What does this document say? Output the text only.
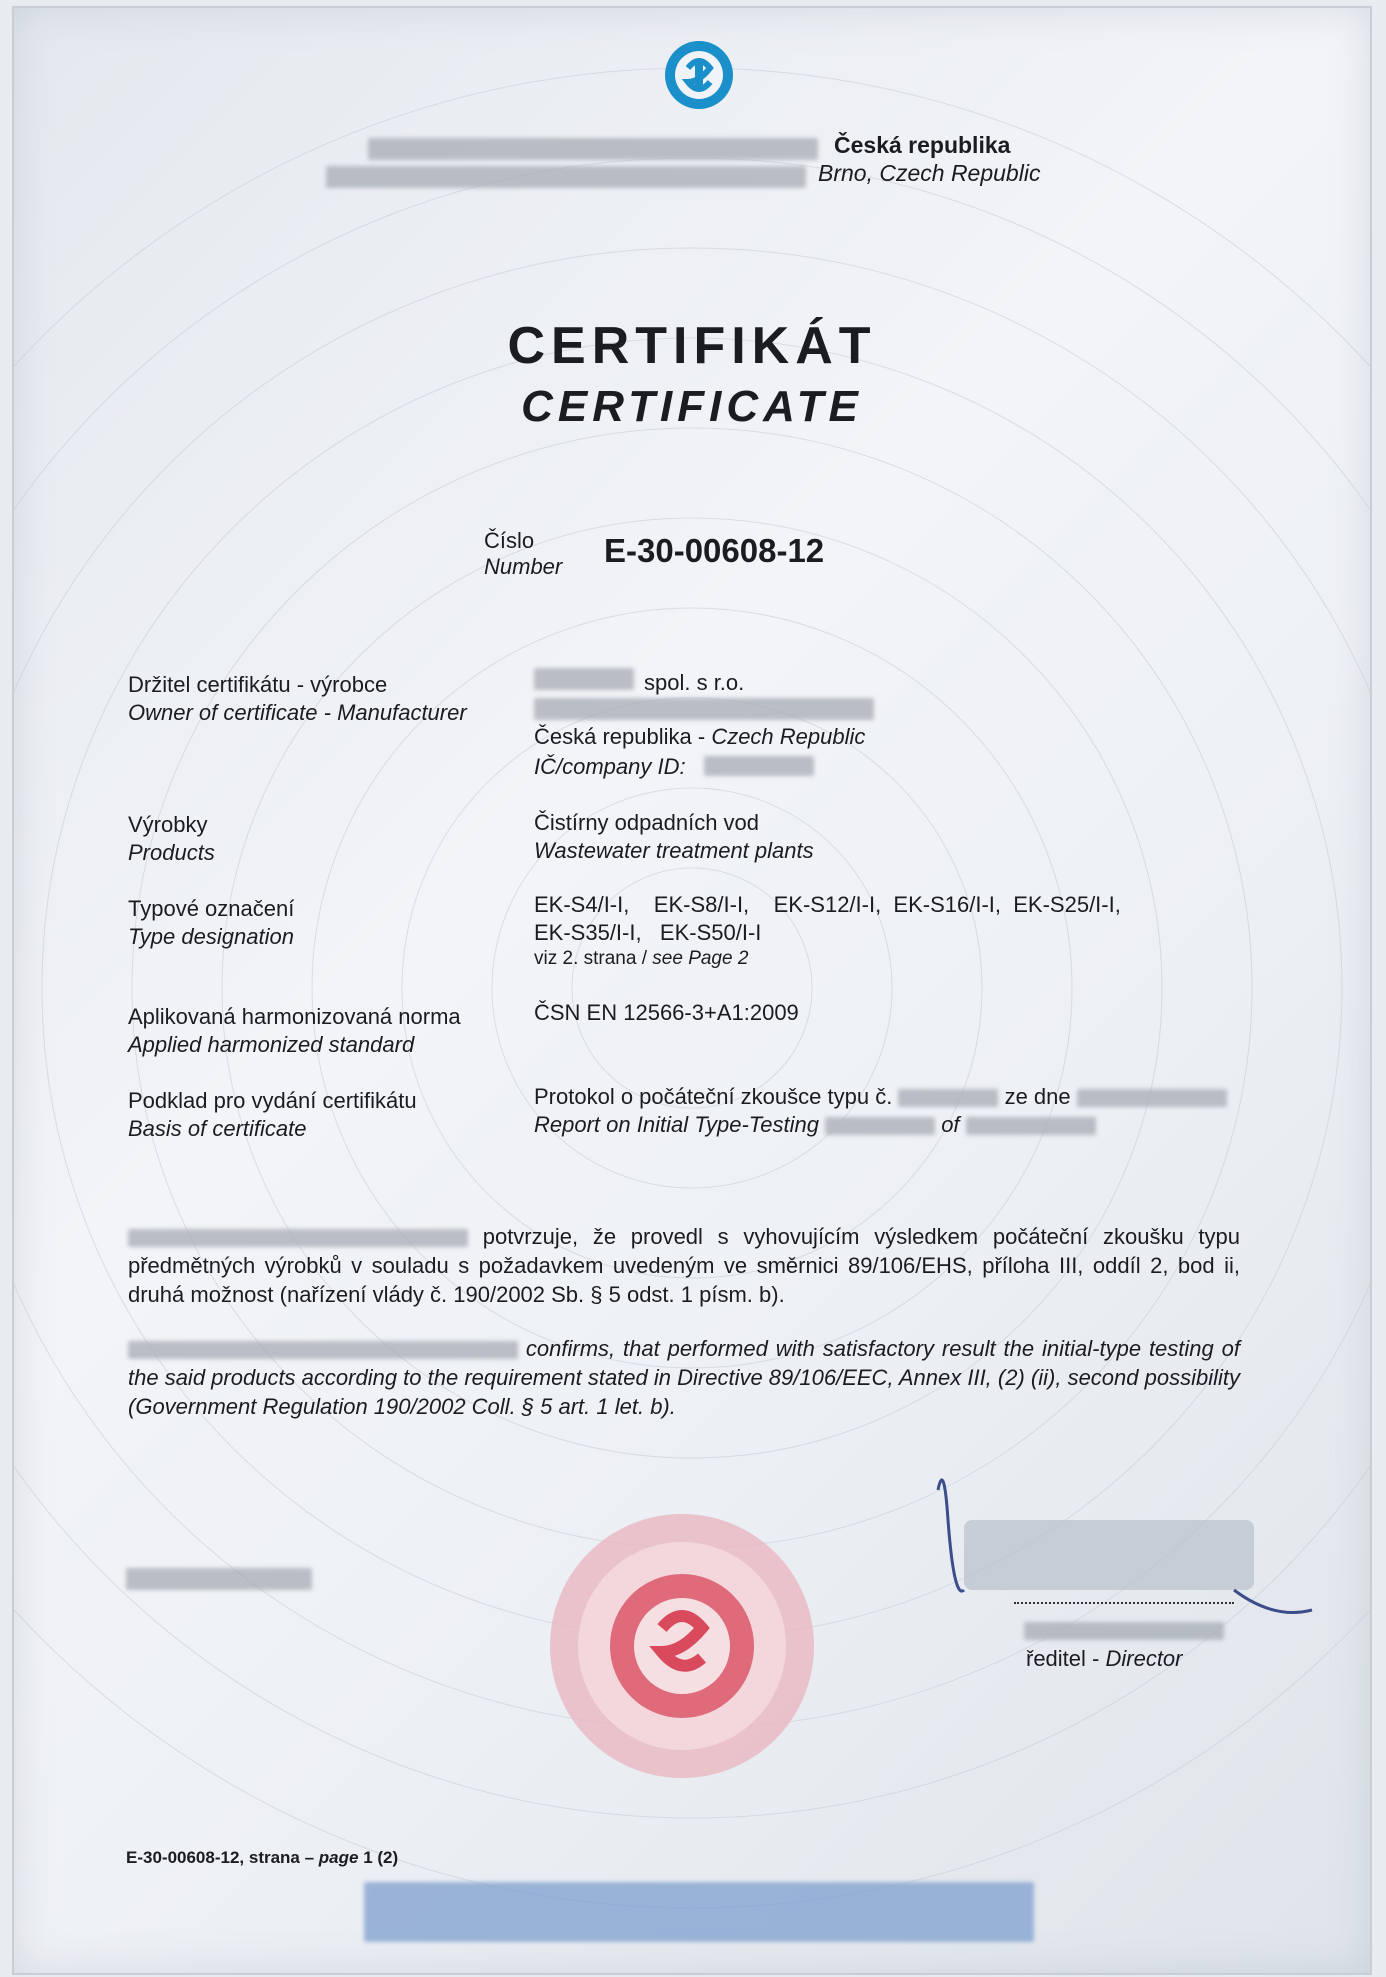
Česká republika
Brno, Czech Republic
CERTIFIKÁT
CERTIFICATE
Číslo
Number E-30-00608-12
Držitel certifikátu - výrobce
Owner of certificate - Manufacturer
spol. s r.o.
Česká republika - Czech Republic
IČ/company ID:
Výrobky
Products
Čistírny odpadních vod
Wastewater treatment plants
Typové označení
Type designation
EK-S4/I-I,    EK-S8/I-I,    EK-S12/I-I,  EK-S16/I-I,  EK-S25/I-I,
EK-S35/I-I,   EK-S50/I-I
viz 2. strana / see Page 2
Aplikovaná harmonizovaná norma
Applied harmonized standard
ČSN EN 12566-3+A1:2009
Podklad pro vydání certifikátu
Basis of certificate
Protokol o počáteční zkoušce typu č.	ze dne
Report on Initial Type-Testing	of
potvrzuje, že provedl s vyhovujícím výsledkem počáteční zkoušku typu předmětných výrobků v souladu s požadavkem uvedeným ve směrnici 89/106/EHS, příloha III, oddíl 2, bod ii, druhá možnost (nařízení vlády č. 190/2002 Sb. § 5 odst. 1 písm. b).
confirms, that performed with satisfactory result the initial-type testing of the said products according to the requirement stated in Directive 89/106/EEC, Annex III, (2) (ii), second possibility (Government Regulation 190/2002 Coll. § 5 art. 1 let. b).
ředitel - Director
E-30-00608-12, strana – page 1 (2)
